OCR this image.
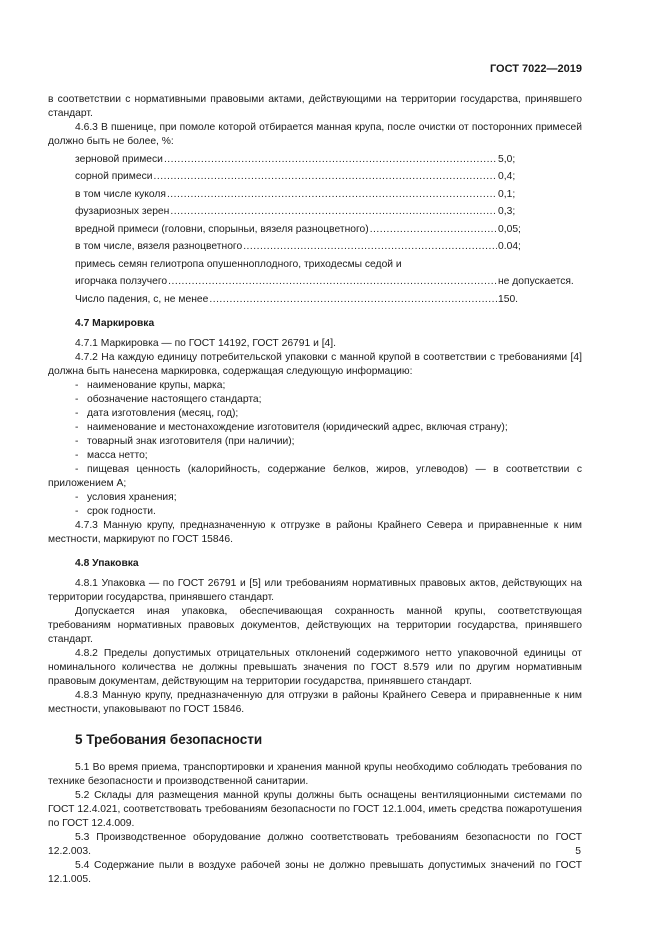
ГОСТ 7022—2019

в соответствии с нормативными правовыми актами, действующими на территории государства, принявшего стандарт.

4.6.3 В пшенице, при помоле которой отбирается манная крупа, после очистки от посторонних примесей должно быть не более, %:

зерновой примеси .....	5,0;
сорной примеси .....	0,4;
в том числе куколя .....	0,1;
фузариозных зерен .....	0,3;
вредной примеси (головни, спорыньи, вязеля разноцветного) .....	0,05;
в том числе, вязеля разноцветного .....	0.04;
примесь семян гелиотропа опушенноплодного, триходесмы седой и
игорчака ползучего .....	не допускается.
Число падения, с, не менее .....	150.
4.7 Маркировка

4.7.1 Маркировка — по ГОСТ 14192, ГОСТ 26791 и [4].

4.7.2 На каждую единицу потребительской упаковки с манной крупой в соответствии с требованиями [4] должна быть нанесена маркировка, содержащая следующую информацию:

- наименование крупы, марка;
- обозначение настоящего стандарта;
- дата изготовления (месяц, год);
- наименование и местонахождение изготовителя (юридический адрес, включая страну);
- товарный знак изготовителя (при наличии);
- масса нетто;

- пищевая ценность (калорийность, содержание белков, жиров, углеводов) — в соответствии с приложением А;

- условия хранения;
- срок годности.

4.7.3 Манную крупу, предназначенную к отгрузке в районы Крайнего Севера и приравненные к ним местности, маркируют по ГОСТ 15846.

4.8 Упаковка

4.8.1 Упаковка — по ГОСТ 26791 и [5] или требованиям нормативных правовых актов, действующих на территории государства, принявшего стандарт.

Допускается иная упаковка, обеспечивающая сохранность манной крупы, соответствующая требованиям нормативных правовых документов, действующих на территории государства, принявшего стандарт.

4.8.2 Пределы допустимых отрицательных отклонений содержимого нетто упаковочной единицы от номинального количества не должны превышать значения по ГОСТ 8.579 или по другим нормативным правовым документам, действующим на территории государства, принявшего стандарт.

4.8.3 Манную крупу, предназначенную для отгрузки в районы Крайнего Севера и приравненные к ним местности, упаковывают по ГОСТ 15846.

5 Требования безопасности

5.1 Во время приема, транспортировки и хранения манной крупы необходимо соблюдать требования по технике безопасности и производственной санитарии.

5.2 Склады для размещения манной крупы должны быть оснащены вентиляционными системами по ГОСТ 12.4.021, соответствовать требованиям безопасности по ГОСТ 12.1.004, иметь средства пожаротушения по ГОСТ 12.4.009.

5.3 Производственное оборудование должно соответствовать требованиям безопасности по ГОСТ 12.2.003.

5.4 Содержание пыли в воздухе рабочей зоны не должно превышать допустимых значений по ГОСТ 12.1.005.

5
